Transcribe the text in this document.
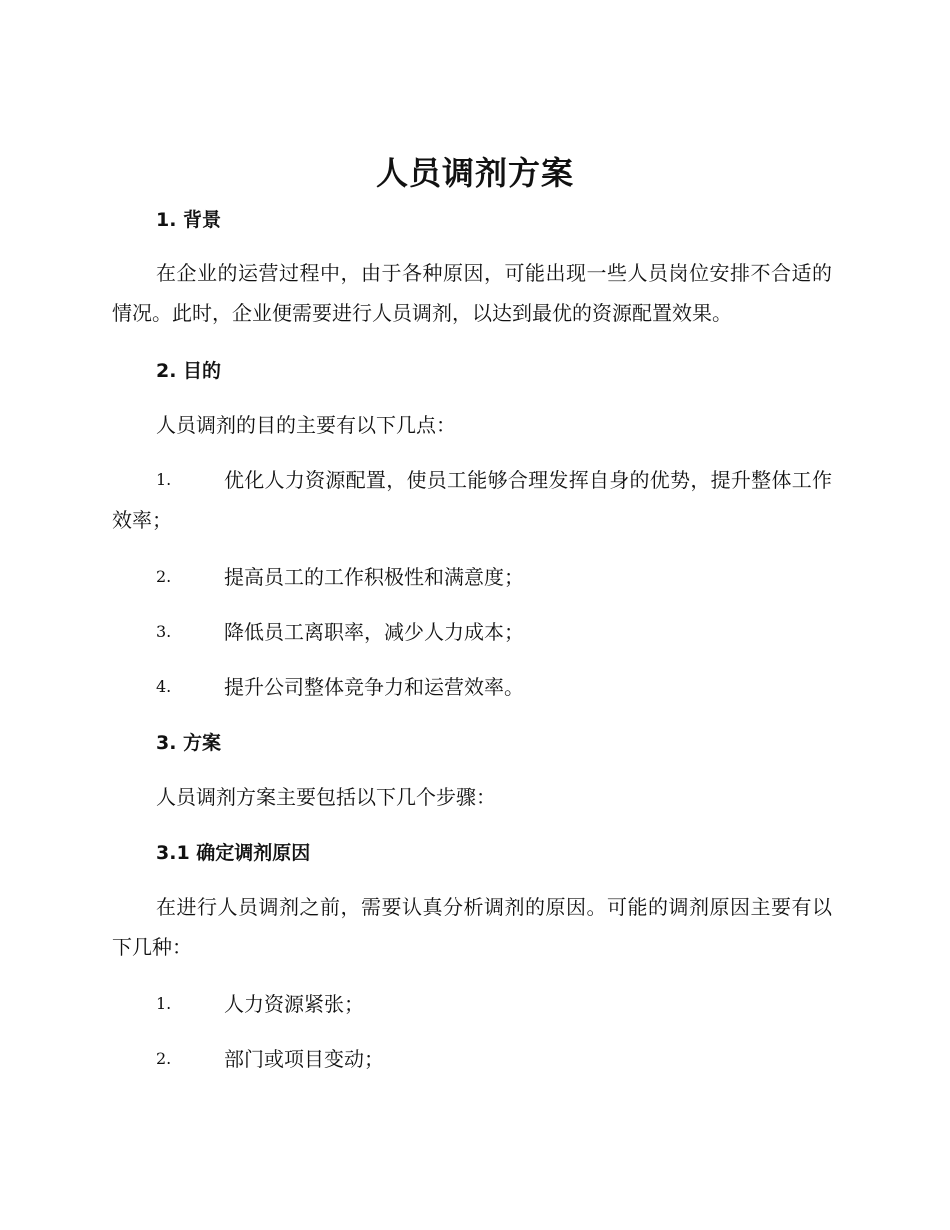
人员调剂方案
1. 背景
在企业的运营过程中，由于各种原因，可能出现一些人员岗位安排不合适的情况。此时，企业便需要进行人员调剂，以达到最优的资源配置效果。
2. 目的
人员调剂的目的主要有以下几点：
1.	优化人力资源配置，使员工能够合理发挥自身的优势，提升整体工作效率；
2.	提高员工的工作积极性和满意度；
3.	降低员工离职率，减少人力成本；
4.	提升公司整体竞争力和运营效率。
3. 方案
人员调剂方案主要包括以下几个步骤：
3.1 确定调剂原因
在进行人员调剂之前，需要认真分析调剂的原因。可能的调剂原因主要有以下几种：
1.	人力资源紧张；
2.	部门或项目变动；
